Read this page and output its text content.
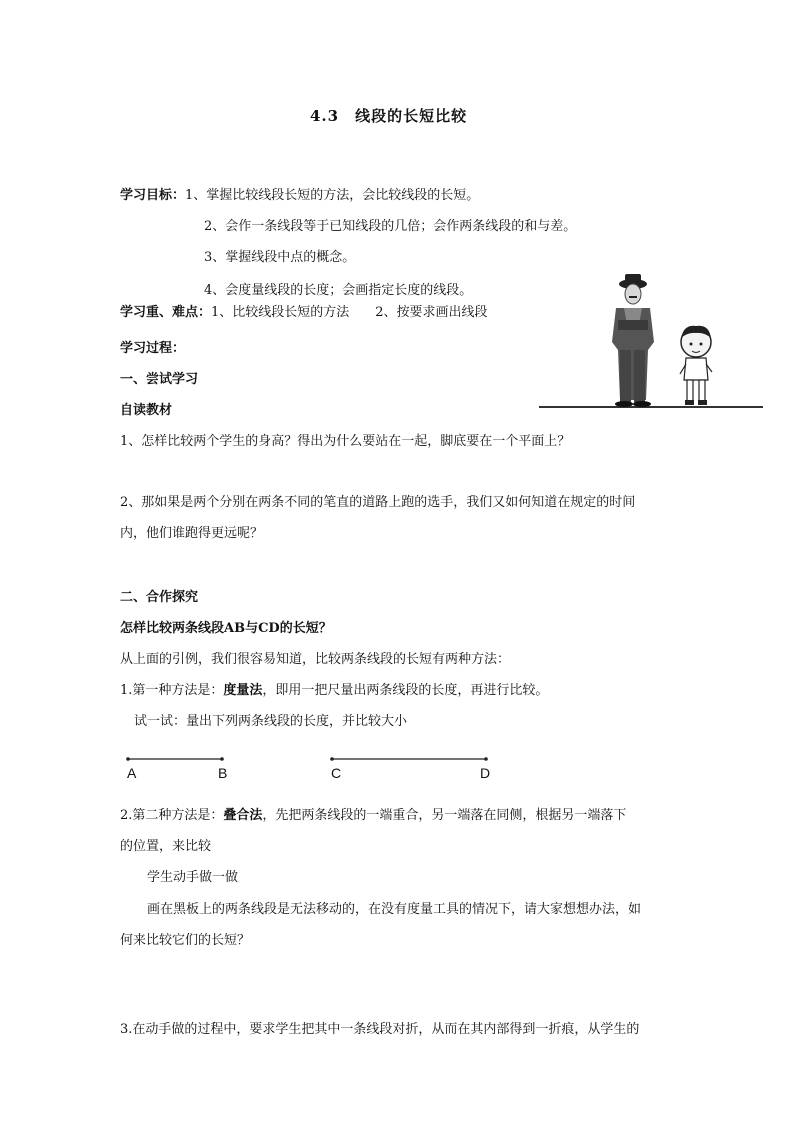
4.3　线段的长短比较
学习目标：1、掌握比较线段长短的方法，会比较线段的长短。
2、会作一条线段等于已知线段的几倍；会作两条线段的和与差。
3、掌握线段中点的概念。
4、会度量线段的长度；会画指定长度的线段。
学习重、难点：1、比较线段长短的方法　　2、按要求画出线段
学习过程：
一、尝试学习
自读教材
1、怎样比较两个学生的身高？得出为什么要站在一起，脚底要在一个平面上？
2、那如果是两个分别在两条不同的笔直的道路上跑的选手，我们又如何知道在规定的时间
内，他们谁跑得更远呢？
二、合作探究
怎样比较两条线段AB与CD的长短？
从上面的引例，我们很容易知道，比较两条线段的长短有两种方法：
1.第一种方法是：度量法，即用一把尺量出两条线段的长度，再进行比较。
试一试：量出下列两条线段的长度，并比较大小
A	B	C	D
2.第二种方法是：叠合法，先把两条线段的一端重合，另一端落在同侧，根据另一端落下
的位置，来比较
学生动手做一做
画在黑板上的两条线段是无法移动的，在没有度量工具的情况下，请大家想想办法，如
何来比较它们的长短？
3.在动手做的过程中，要求学生把其中一条线段对折，从而在其内部得到一折痕，从学生的
